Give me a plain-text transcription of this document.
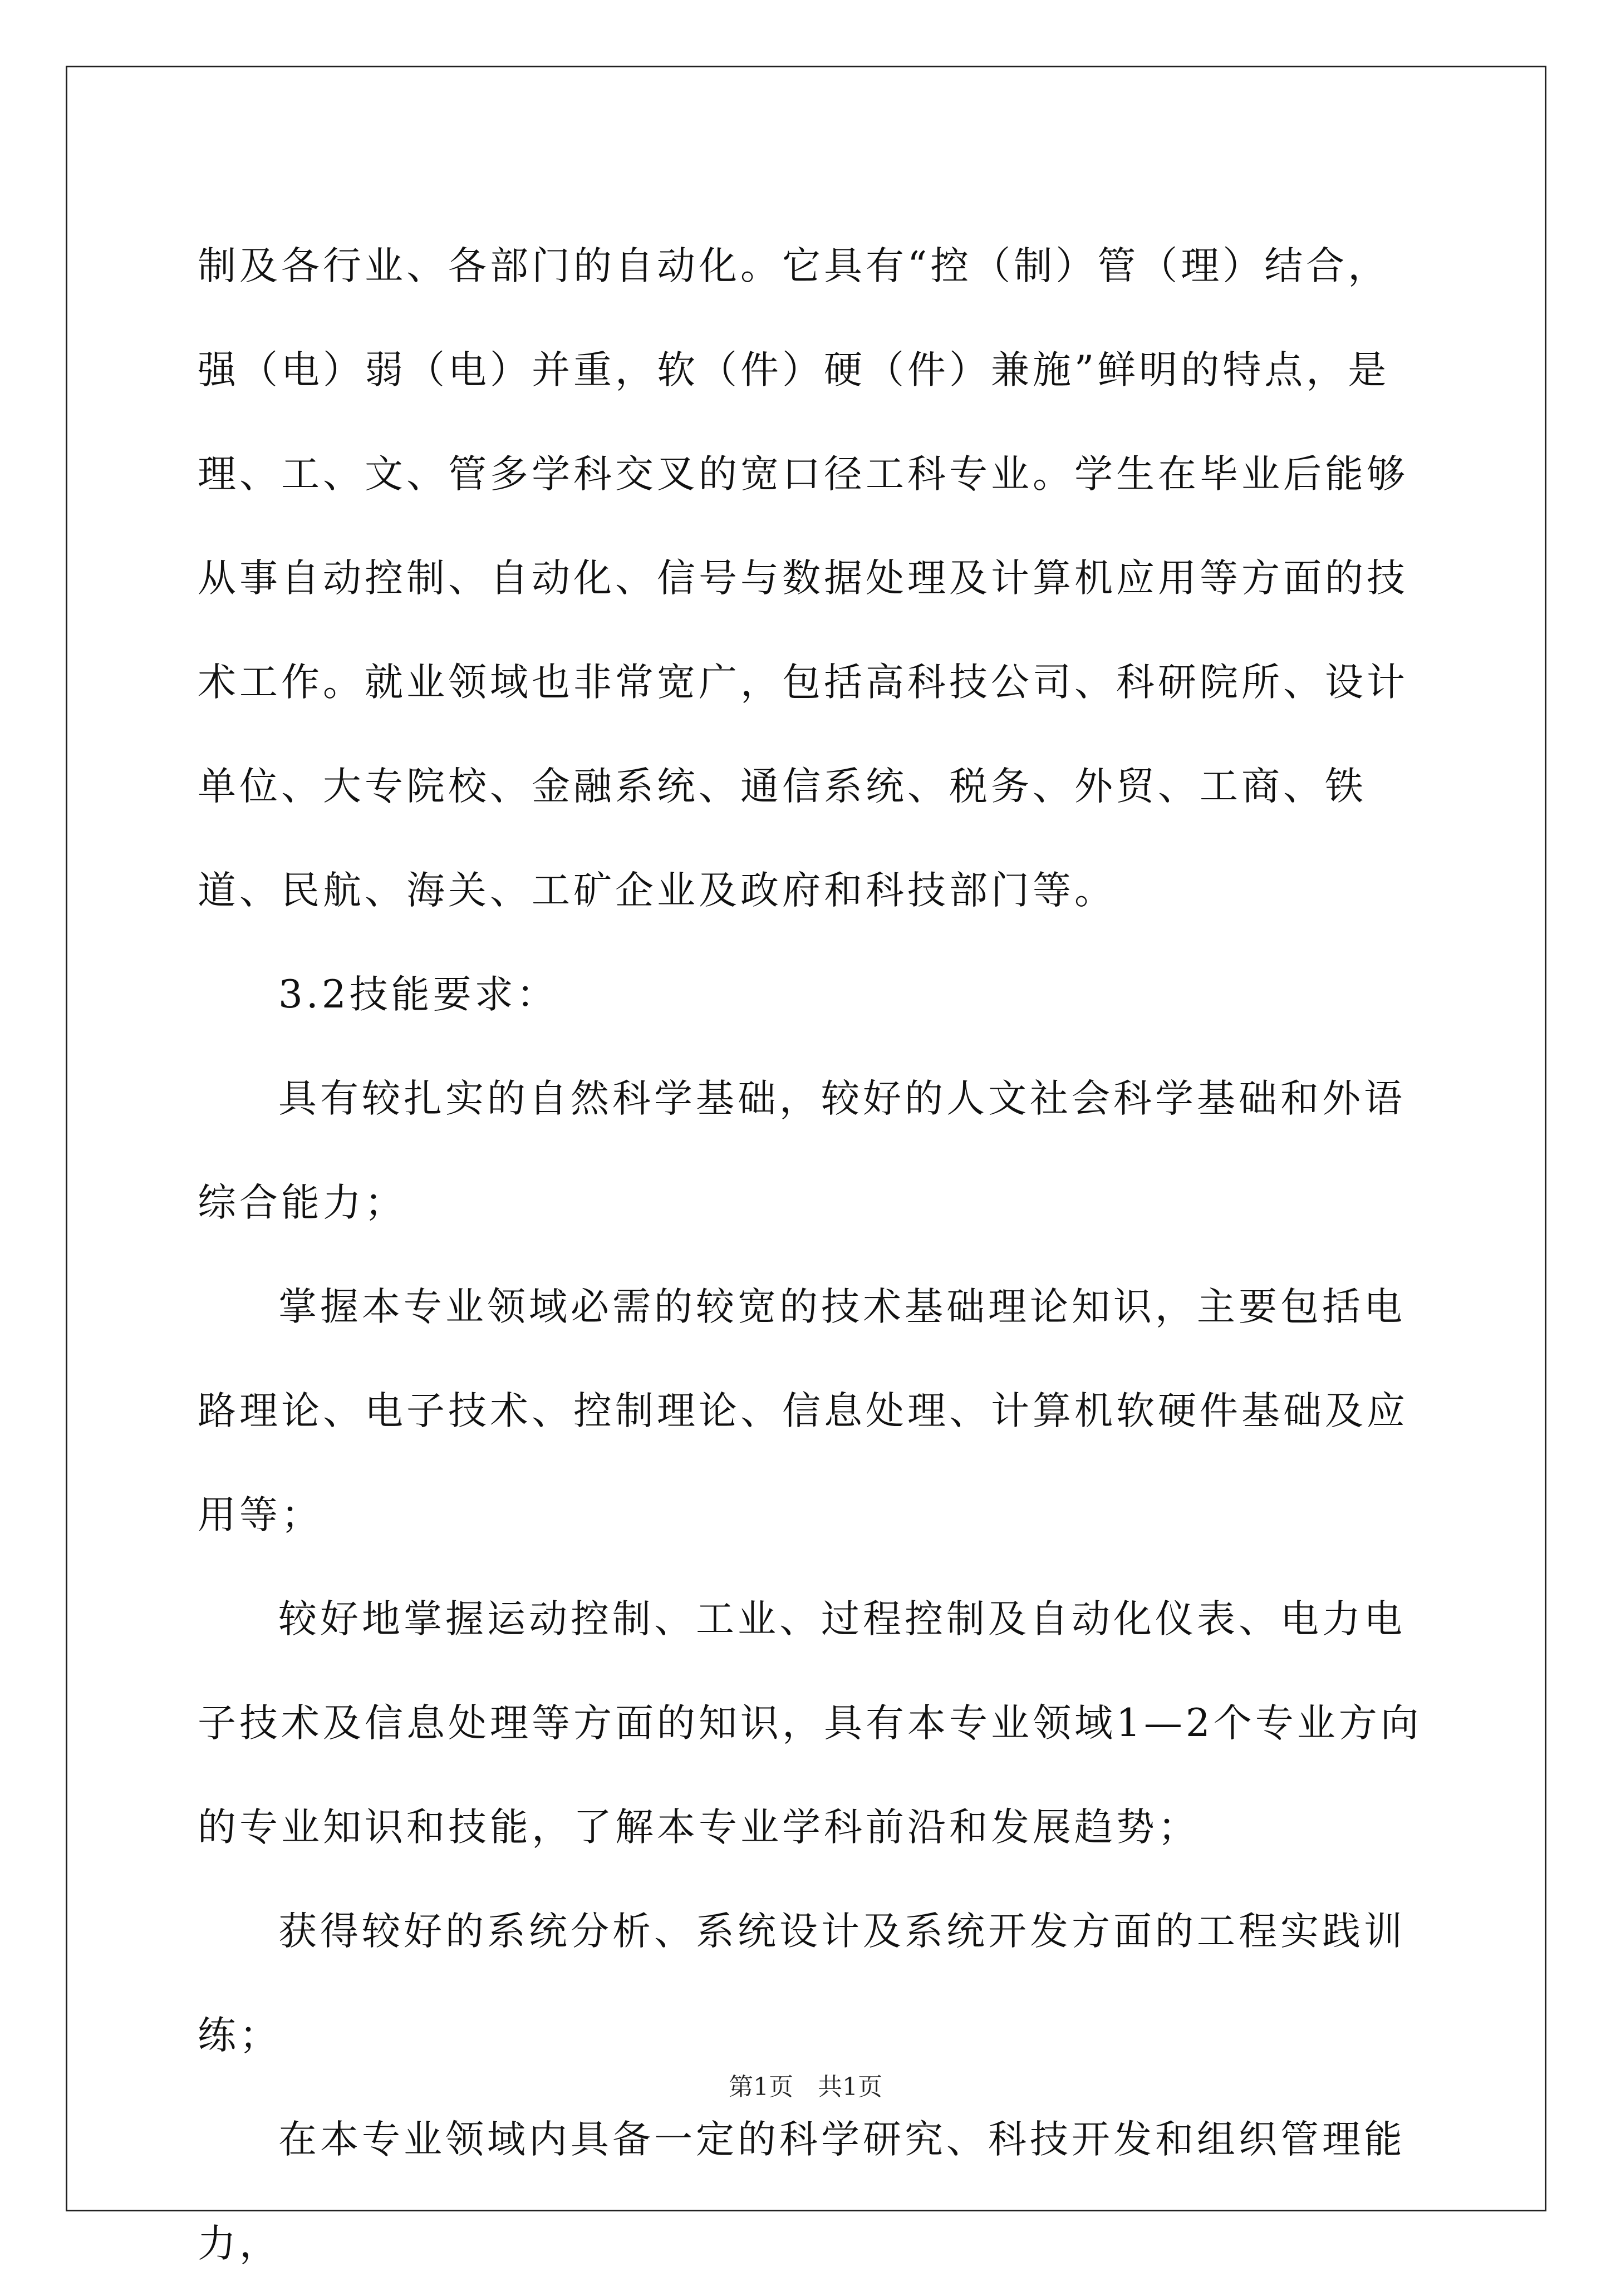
制及各行业、各部门的自动化。它具有“控（制）管（理）结合，强（电）弱（电）并重，软（件）硬（件）兼施”鲜明的特点，是理、工、文、管多学科交叉的宽口径工科专业。学生在毕业后能够从事自动控制、自动化、信号与数据处理及计算机应用等方面的技术工作。就业领域也非常宽广，包括高科技公司、科研院所、设计单位、大专院校、金融系统、通信系统、税务、外贸、工商、铁道、民航、海关、工矿企业及政府和科技部门等。

3.2技能要求：

具有较扎实的自然科学基础，较好的人文社会科学基础和外语综合能力；

掌握本专业领域必需的较宽的技术基础理论知识，主要包括电路理论、电子技术、控制理论、信息处理、计算机软硬件基础及应用等；

较好地掌握运动控制、工业、过程控制及自动化仪表、电力电子技术及信息处理等方面的知识，具有本专业领域1—2个专业方向的专业知识和技能，了解本专业学科前沿和发展趋势；

获得较好的系统分析、系统设计及系统开发方面的工程实践训练；

在本专业领域内具备一定的科学研究、科技开发和组织管理能力，

第1页　共1页
